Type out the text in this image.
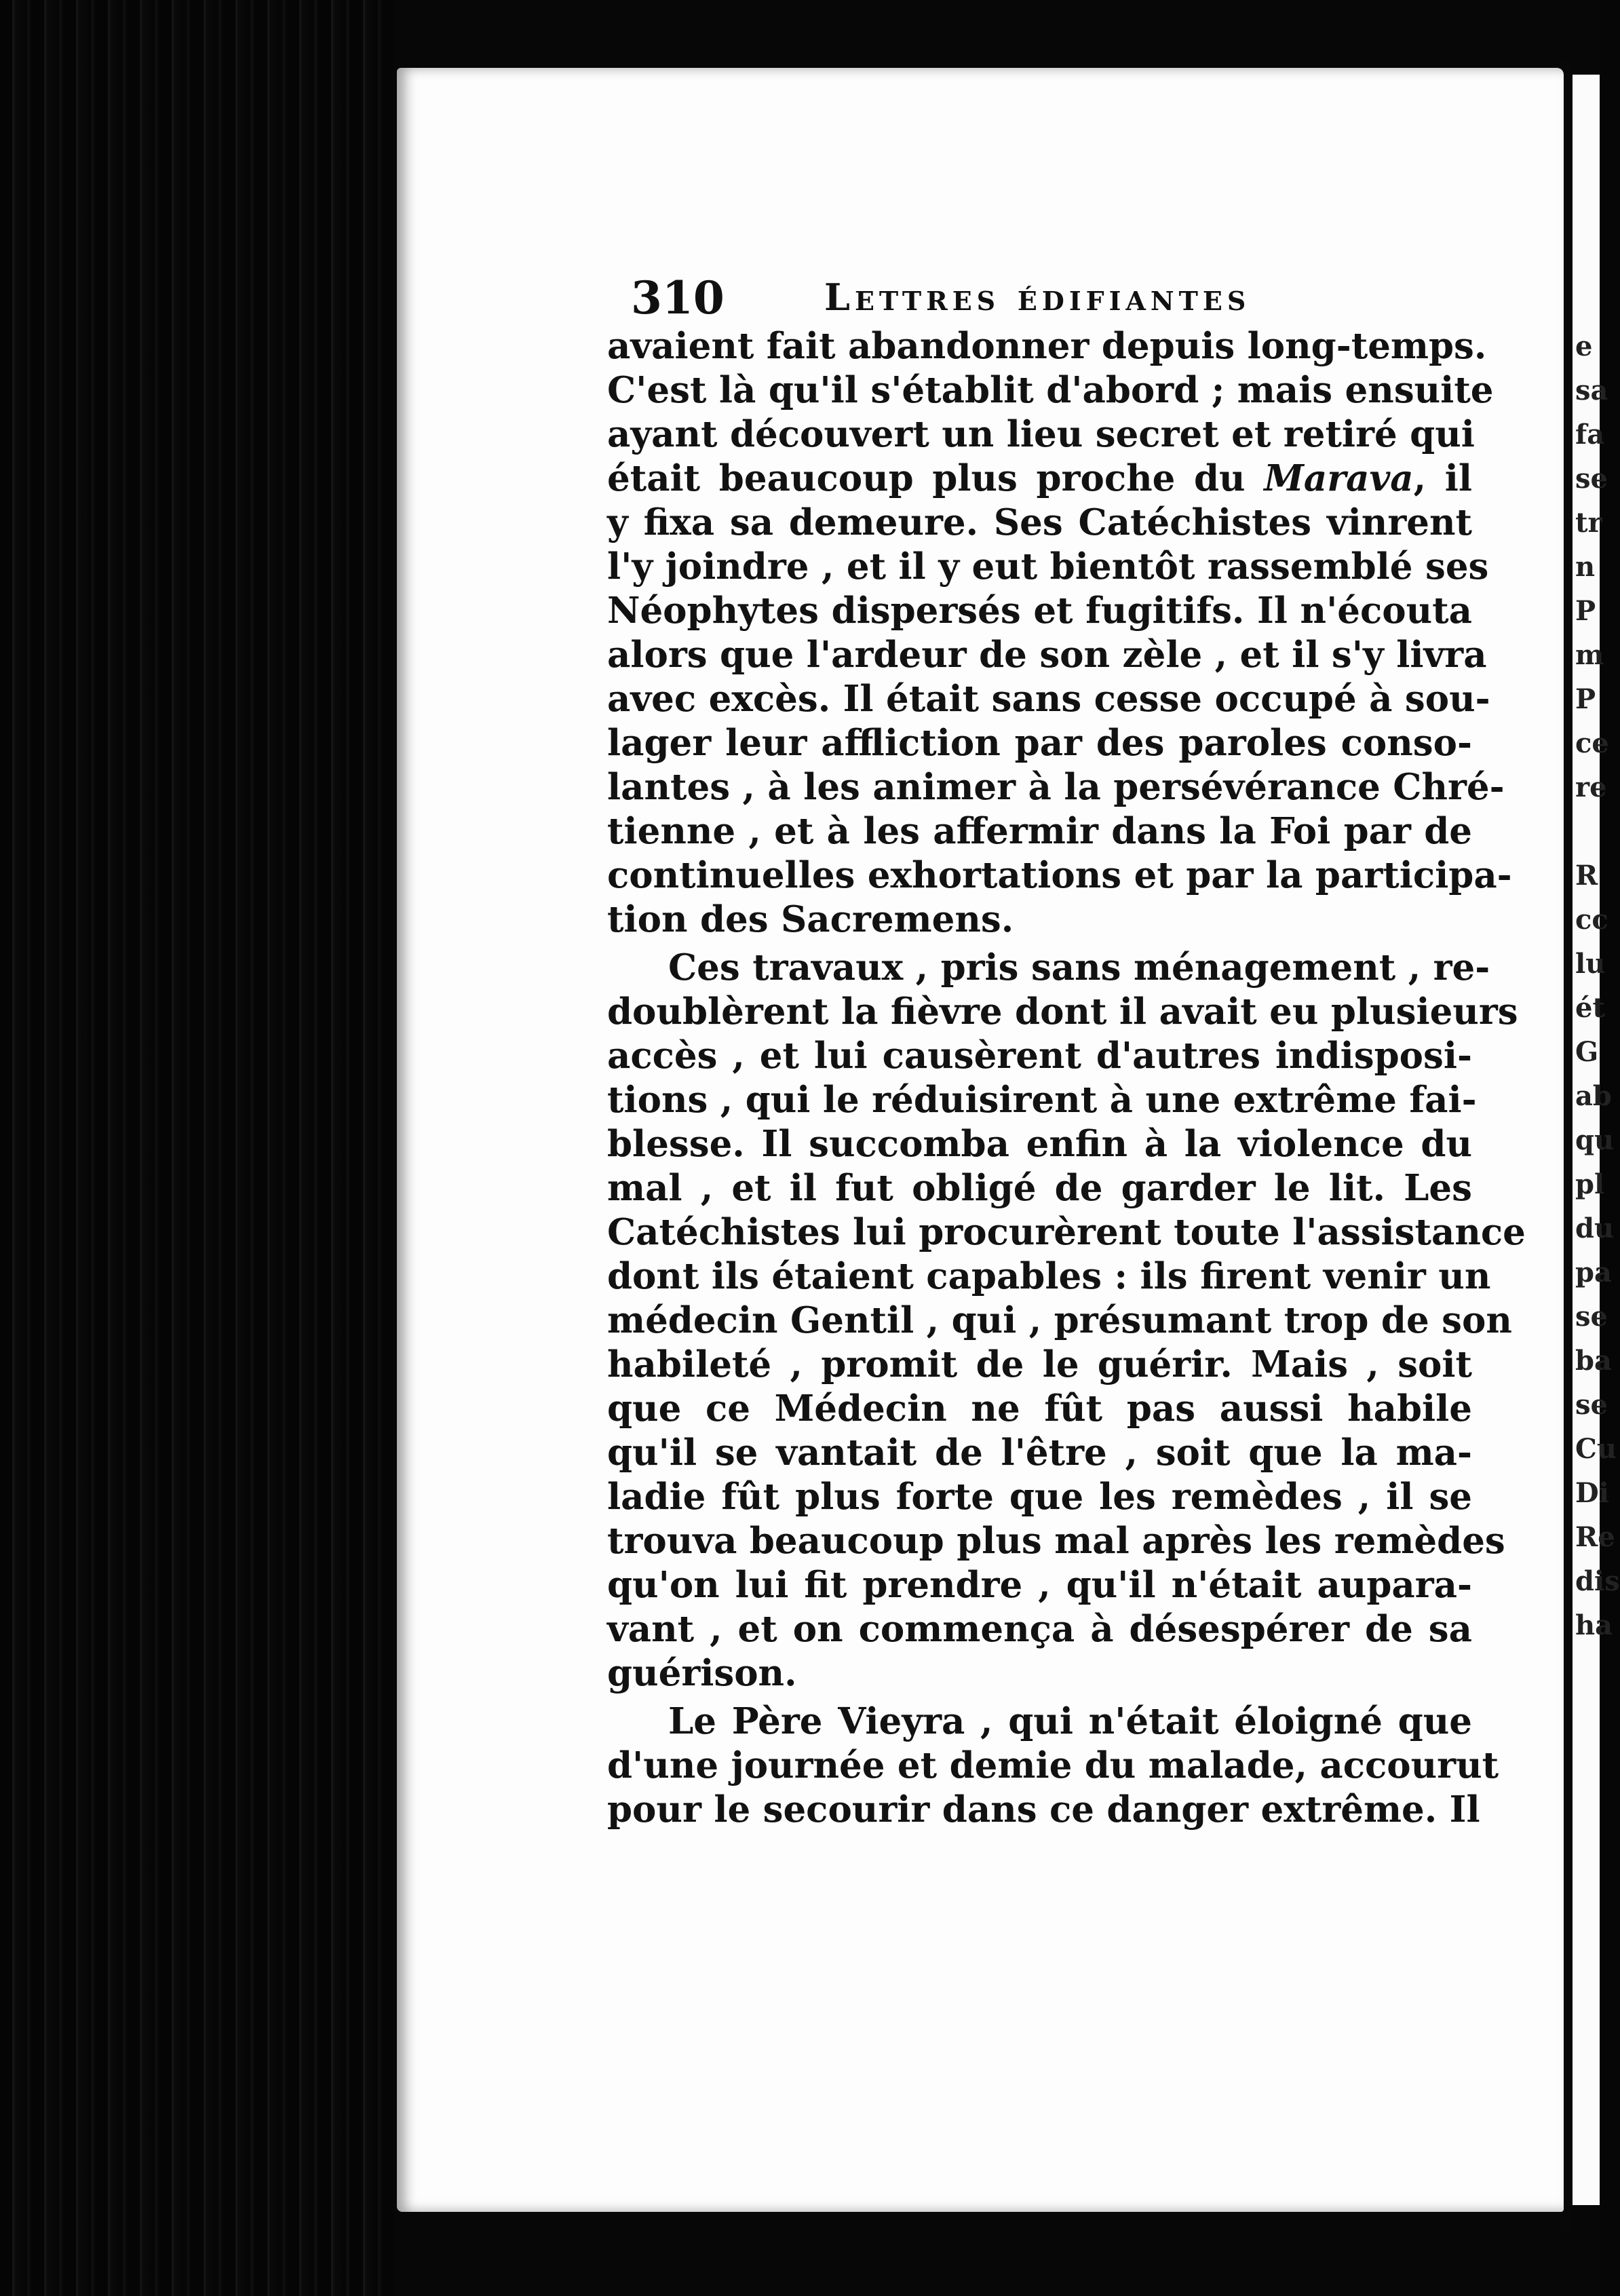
310	Lettres édifiantes
avaient fait abandonner depuis long-temps.
C'est là qu'il s'établit d'abord ; mais ensuite
ayant découvert un lieu secret et retiré qui
était beaucoup plus proche du Marava, il
y fixa sa demeure. Ses Catéchistes vinrent
l'y joindre , et il y eut bientôt rassemblé ses
Néophytes dispersés et fugitifs. Il n'écouta
alors que l'ardeur de son zèle , et il s'y livra
avec excès. Il était sans cesse occupé à sou-
lager leur affliction par des paroles conso-
lantes , à les animer à la persévérance Chré-
tienne , et à les affermir dans la Foi par de
continuelles exhortations et par la participa-
tion des Sacremens.
Ces travaux , pris sans ménagement , re-
doublèrent la fièvre dont il avait eu plusieurs
accès , et lui causèrent d'autres indisposi-
tions , qui le réduisirent à une extrême fai-
blesse. Il succomba enfin à la violence du
mal , et il fut obligé de garder le lit. Les
Catéchistes lui procurèrent toute l'assistance
dont ils étaient capables : ils firent venir un
médecin Gentil , qui , présumant trop de son
habileté , promit de le guérir. Mais , soit
que ce Médecin ne fût pas aussi habile
qu'il se vantait de l'être , soit que la ma-
ladie fût plus forte que les remèdes , il se
trouva beaucoup plus mal après les remèdes
qu'on lui fit prendre , qu'il n'était aupara-
vant , et on commença à désespérer de sa
guérison.
Le Père Vieyra , qui n'était éloigné que
d'une journée et demie du malade, accourut
pour le secourir dans ce danger extrême. Il
e
sa
fa
se
tr
n
P
m
P
ce
re

R
cc
lu
ét
G
ab
qu
pl
du
pa
se
ba
se
Cu
Di
Re
dis
ha
